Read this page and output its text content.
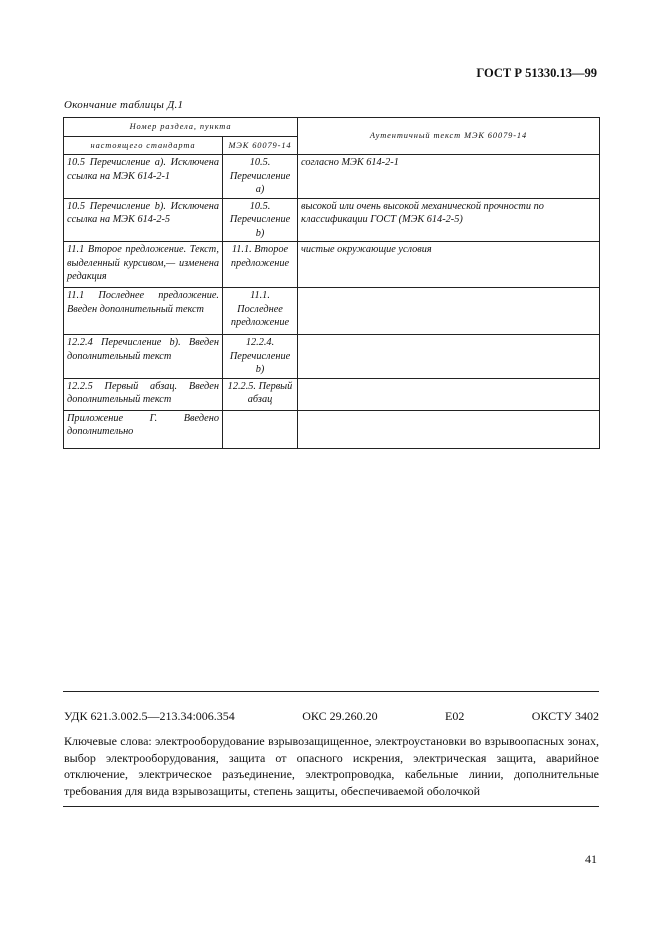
ГОСТ Р 51330.13—99
Окончание таблицы Д.1
Номер раздела, пункта		Аутентичный текст МЭК 60079-14
настоящего стандарта	МЭК 60079-14	
10.5 Перечисление а). Исключена ссылка на МЭК 614-2-1	10.5. Перечисление а)	согласно МЭК 614-2-1
10.5 Перечисление b). Исключена ссылка на МЭК 614-2-5	10.5. Перечисление b)	высокой или очень высокой механической прочности по классификации ГОСТ (МЭК 614-2-5)
11.1 Второе предложение. Текст, выделенный курсивом,— изменена редакция	11.1. Второе предложение	чистые окружающие условия
11.1 Последнее предложение. Введен дополнительный текст	11.1. Последнее предложение	
12.2.4 Перечисление b). Введен дополнительный текст	12.2.4. Перечисление b)	
12.2.5 Первый абзац. Введен дополнительный текст	12.2.5. Первый абзац	
Приложение Г. Введено дополнительно		
УДК 621.3.002.5—213.34:006.354	ОКС 29.260.20	Е02	ОКСТУ 3402
Ключевые слова: электрооборудование взрывозащищенное, электроустановки во взрывоопасных зонах, выбор электрооборудования, защита от опасного искрения, электрическая защита, аварийное отключение, электрическое разъединение, электропроводка, кабельные линии, дополнительные требования для вида взрывозащиты, степень защиты, обеспечиваемой оболочкой
41
